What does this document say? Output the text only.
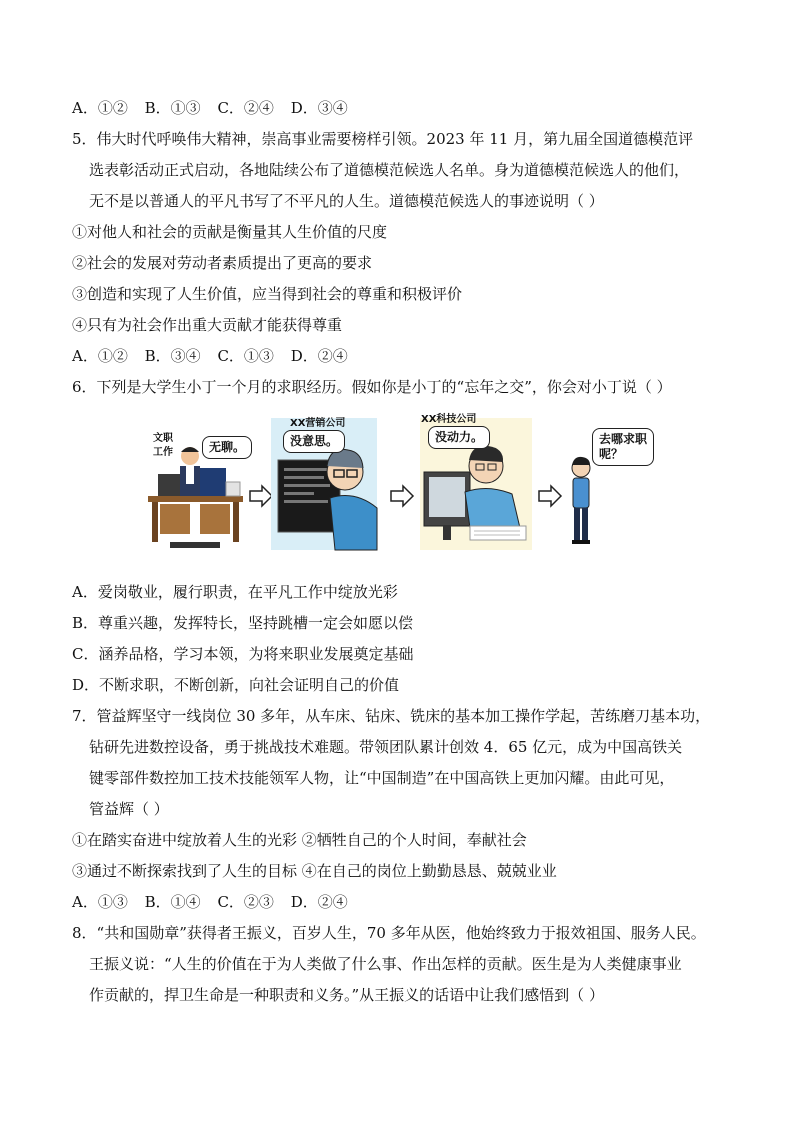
A．①② B．①③ C．②④ D．③④
5．伟大时代呼唤伟大精神，崇高事业需要榜样引领。2023 年 11 月，第九届全国道德模范评
选表彰活动正式启动，各地陆续公布了道德模范候选人名单。身为道德模范候选人的他们，
无不是以普通人的平凡书写了不平凡的人生。道德模范候选人的事迹说明（ ）
①对他人和社会的贡献是衡量其人生价值的尺度
②社会的发展对劳动者素质提出了更高的要求
③创造和实现了人生价值，应当得到社会的尊重和积极评价
④只有为社会作出重大贡献才能获得尊重
A．①② B．③④ C．①③ D．②④
6．下列是大学生小丁一个月的求职经历。假如你是小丁的“忘年之交”，你会对小丁说（ ）
文职
工作	无聊。
XX营销公司
没意思。
XX科技公司
没动力。	去哪求职
呢？
A．爱岗敬业，履行职责，在平凡工作中绽放光彩
B．尊重兴趣，发挥特长，坚持跳槽一定会如愿以偿
C．涵养品格，学习本领，为将来职业发展奠定基础
D．不断求职，不断创新，向社会证明自己的价值
7．管益辉坚守一线岗位 30 多年，从车床、钻床、铣床的基本加工操作学起，苦练磨刀基本功，
钻研先进数控设备，勇于挑战技术难题。带领团队累计创效 4．65 亿元，成为中国高铁关
键零部件数控加工技术技能领军人物，让“中国制造”在中国高铁上更加闪耀。由此可见，
管益辉（ ）
①在踏实奋进中绽放着人生的光彩 ②牺牲自己的个人时间，奉献社会
③通过不断探索找到了人生的目标 ④在自己的岗位上勤勤恳恳、兢兢业业
A．①③ B．①④ C．②③ D．②④
8．“共和国勋章”获得者王振义，百岁人生，70 多年从医，他始终致力于报效祖国、服务人民。
王振义说：“人生的价值在于为人类做了什么事、作出怎样的贡献。医生是为人类健康事业
作贡献的，捍卫生命是一种职责和义务。”从王振义的话语中让我们感悟到（ ）
